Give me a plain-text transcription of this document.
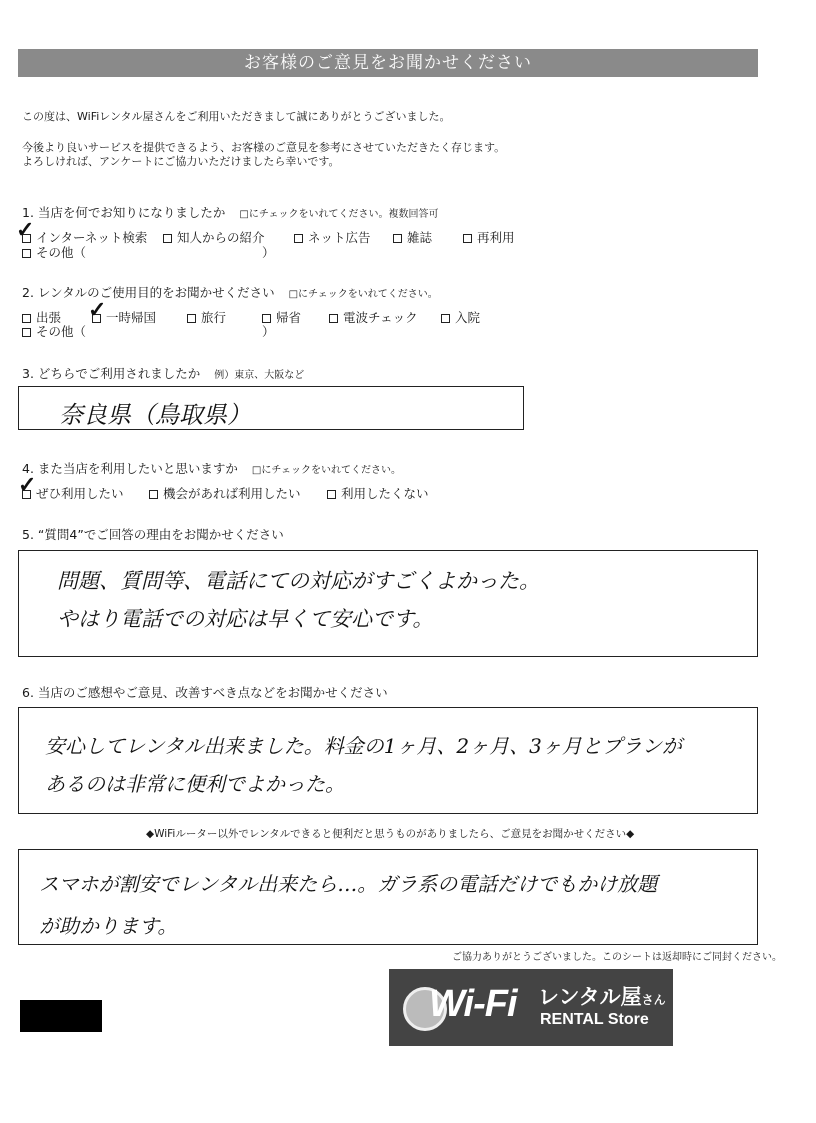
お客様のご意見をお聞かせください
この度は、WiFiレンタル屋さんをご利用いただきまして誠にありがとうございました。
今後より良いサービスを提供できるよう、お客様のご意見を参考にさせていただきたく存じます。
よろしければ、アンケートにご協力いただけましたら幸いです。
1. 当店を何でお知りになりましたか □にチェックをいれてください。複数回答可
インターネット検索
✓	知人からの紹介	ネット広告	雑誌	再利用
その他（	）
2. レンタルのご使用目的をお聞かせください □にチェックをいれてください。
出張	一時帰国
✓	旅行	帰省	電波チェック	入院
その他（	）
3. どちらでご利用されましたか 例）東京、大阪など
奈良県（鳥取県）
4. また当店を利用したいと思いますか □にチェックをいれてください。
ぜひ利用したい
✓	機会があれば利用したい	利用したくない
5. “質問4”でご回答の理由をお聞かせください
問題、質問等、電話にての対応がすごくよかった。
やはり電話での対応は早くて安心です。
6. 当店のご感想やご意見、改善すべき点などをお聞かせください
安心してレンタル出来ました。料金の1ヶ月、2ヶ月、3ヶ月とプランが
あるのは非常に便利でよかった。
◆WiFiルーター以外でレンタルできると便利だと思うものがありましたら、ご意見をお聞かせください◆
スマホが割安でレンタル出来たら…。ガラ系の電話だけでもかけ放題
が助かります。
ご協力ありがとうございました。このシートは返却時にご同封ください。
Wi-Fi レンタル屋さん
RENTAL Store
